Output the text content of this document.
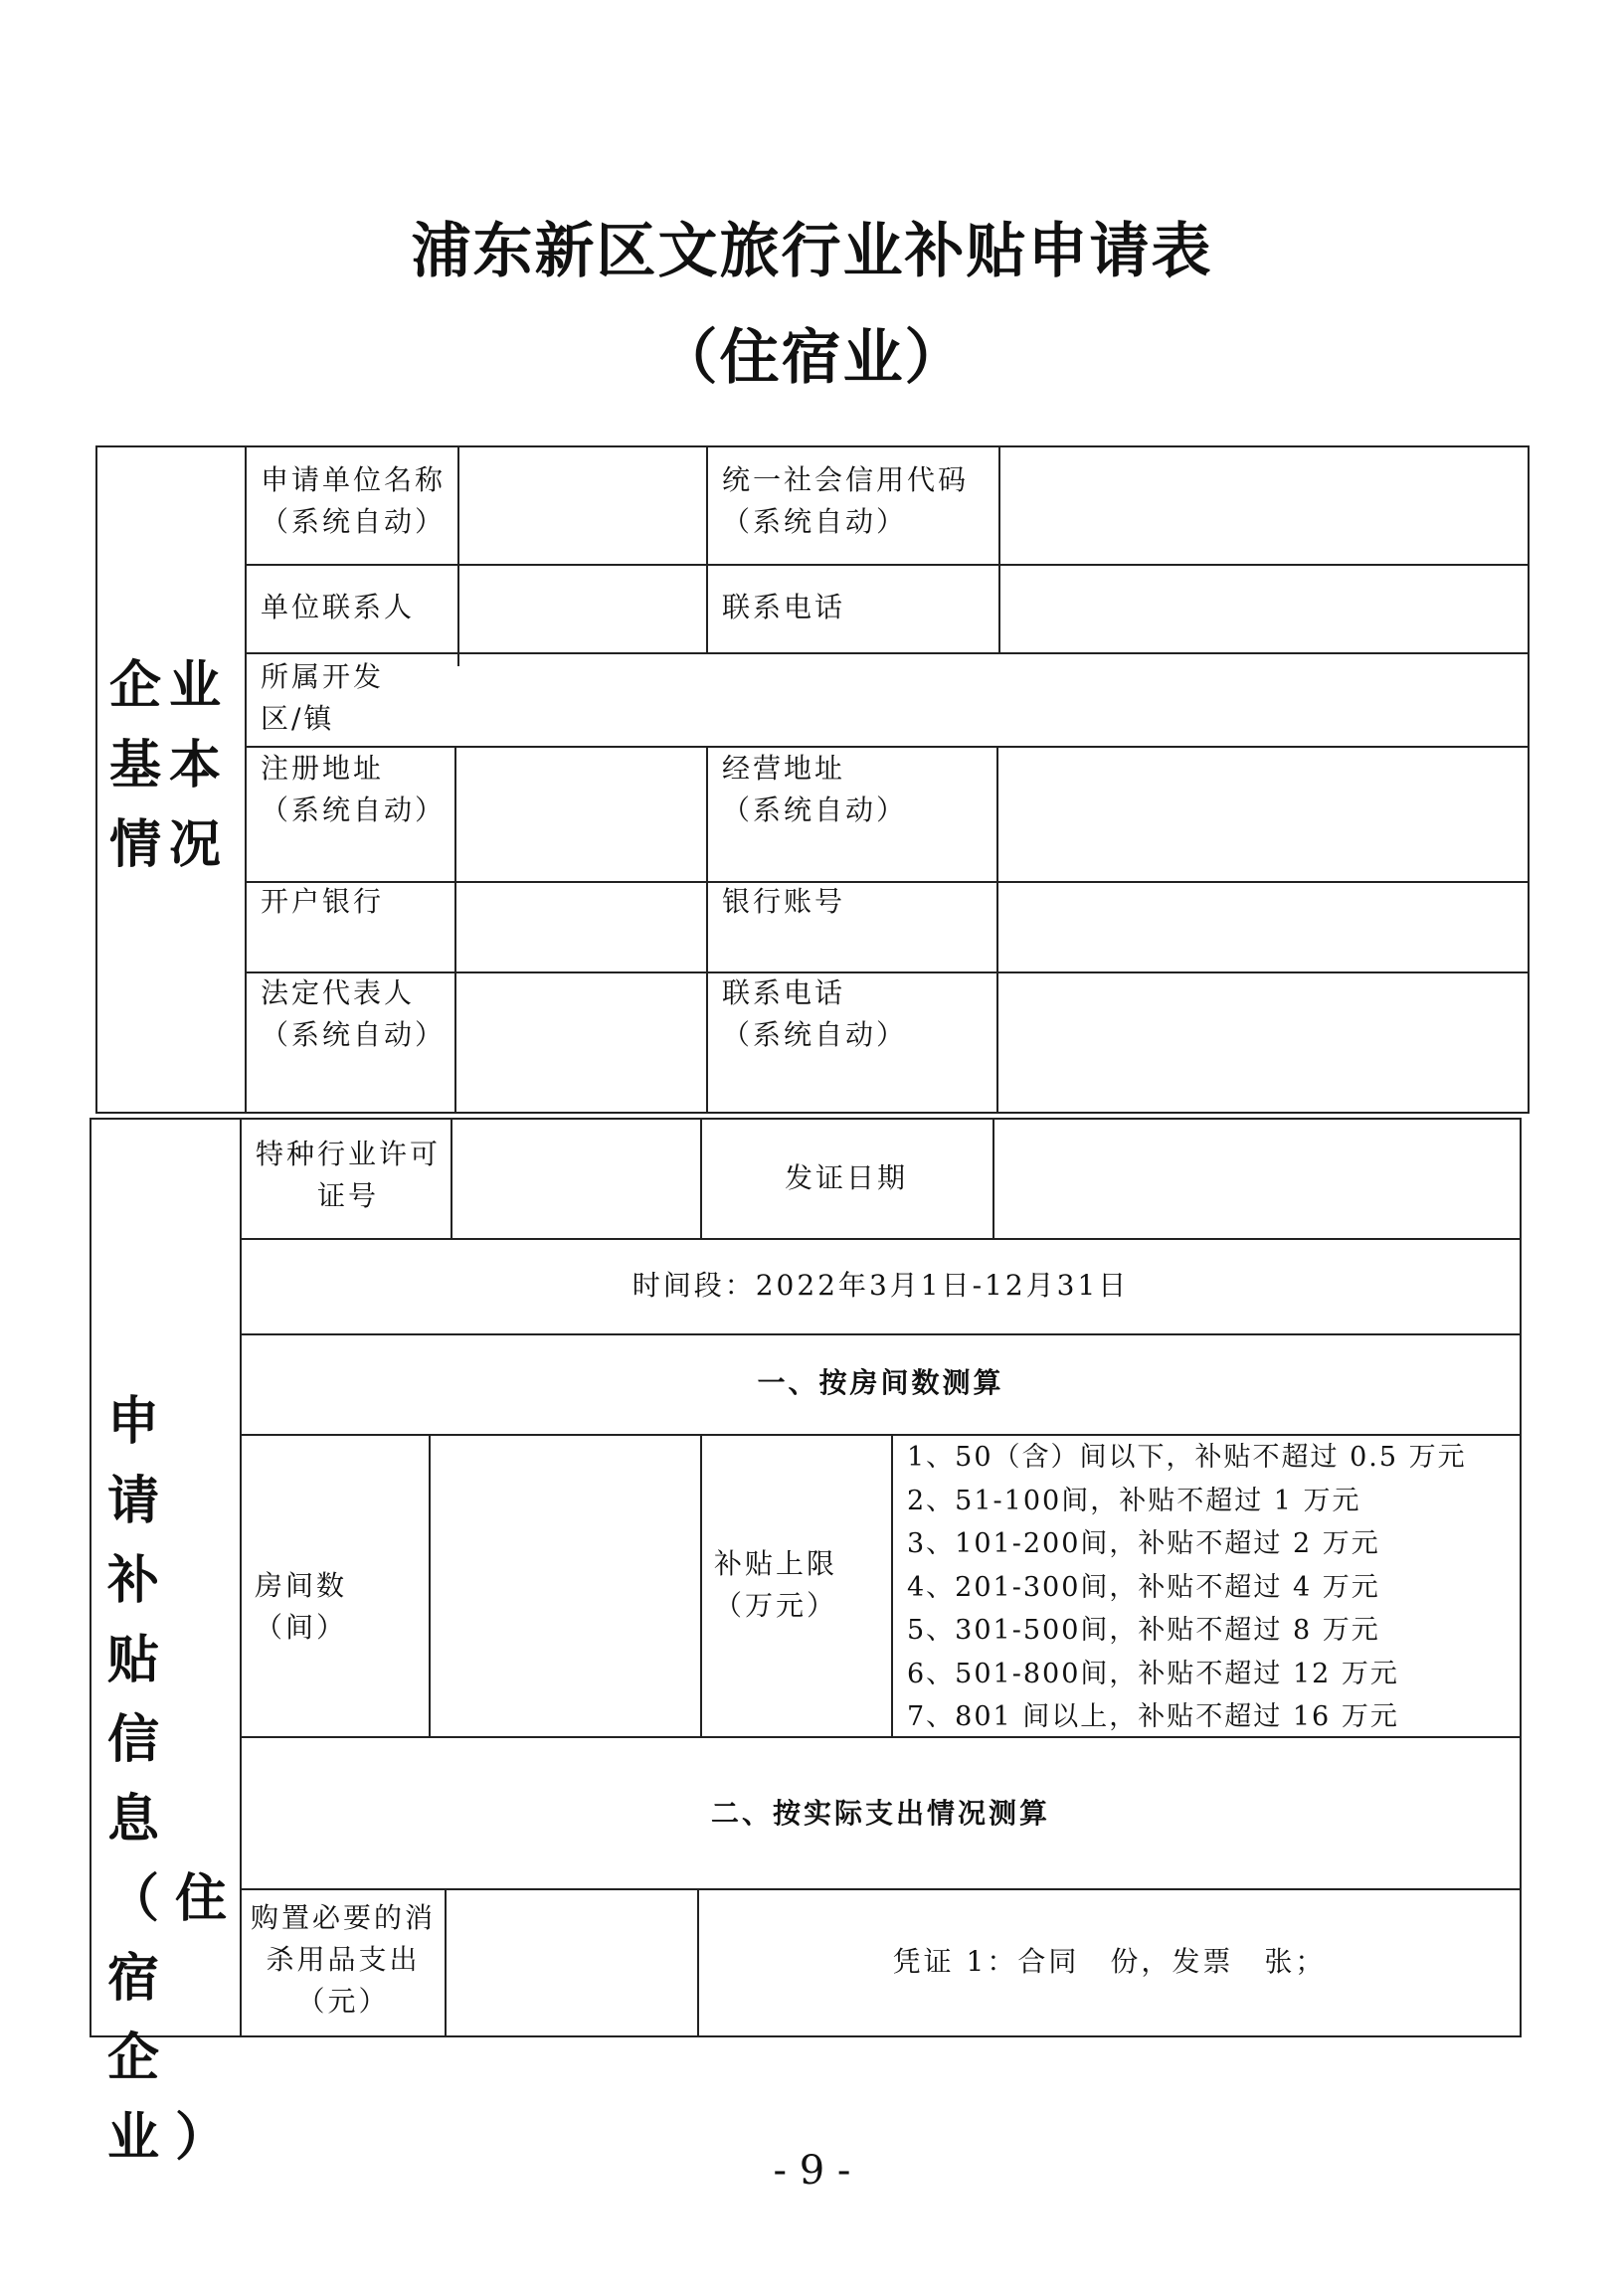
浦东新区文旅行业补贴申请表
（住宿业）
企业基本情况
申请单位名称
（系统自动）
统一社会信用代码
（系统自动）
单位联系人	联系电话
所属开发区/镇
注册地址
（系统自动）
经营地址
（系统自动）
开户银行	银行账号
法定代表人
（系统自动）
联系电话
（系统自动）
申请补贴信息（住宿企业）
特种行业许可证号
发证日期
时间段：2022年3月1日-12月31日
一、按房间数测算
房间数（间）
补贴上限（万元）
1、50（含）间以下，补贴不超过 0.5 万元
2、51-100间，补贴不超过 1 万元
3、101-200间，补贴不超过 2 万元
4、201-300间，补贴不超过 4 万元
5、301-500间，补贴不超过 8 万元
6、501-800间，补贴不超过 12 万元
7、801 间以上，补贴不超过 16 万元
二、按实际支出情况测算
购置必要的消杀用品支出（元）
凭证 1：合同　份，发票　张；
- 9 -
